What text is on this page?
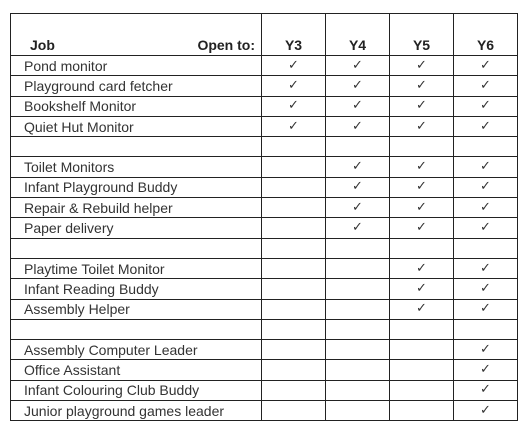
Job Open to:	Y3	Y4	Y5	Y6
Pond monitor	✓	✓	✓	✓
Playground card fetcher	✓	✓	✓	✓
Bookshelf Monitor	✓	✓	✓	✓
Quiet Hut Monitor	✓	✓	✓	✓

Toilet Monitors		✓	✓	✓
Infant Playground Buddy		✓	✓	✓
Repair & Rebuild helper		✓	✓	✓
Paper delivery		✓	✓	✓

Playtime Toilet Monitor			✓	✓
Infant Reading Buddy			✓	✓
Assembly Helper			✓	✓

Assembly Computer Leader				✓
Office Assistant				✓
Infant Colouring Club Buddy				✓
Junior playground games leader				✓
